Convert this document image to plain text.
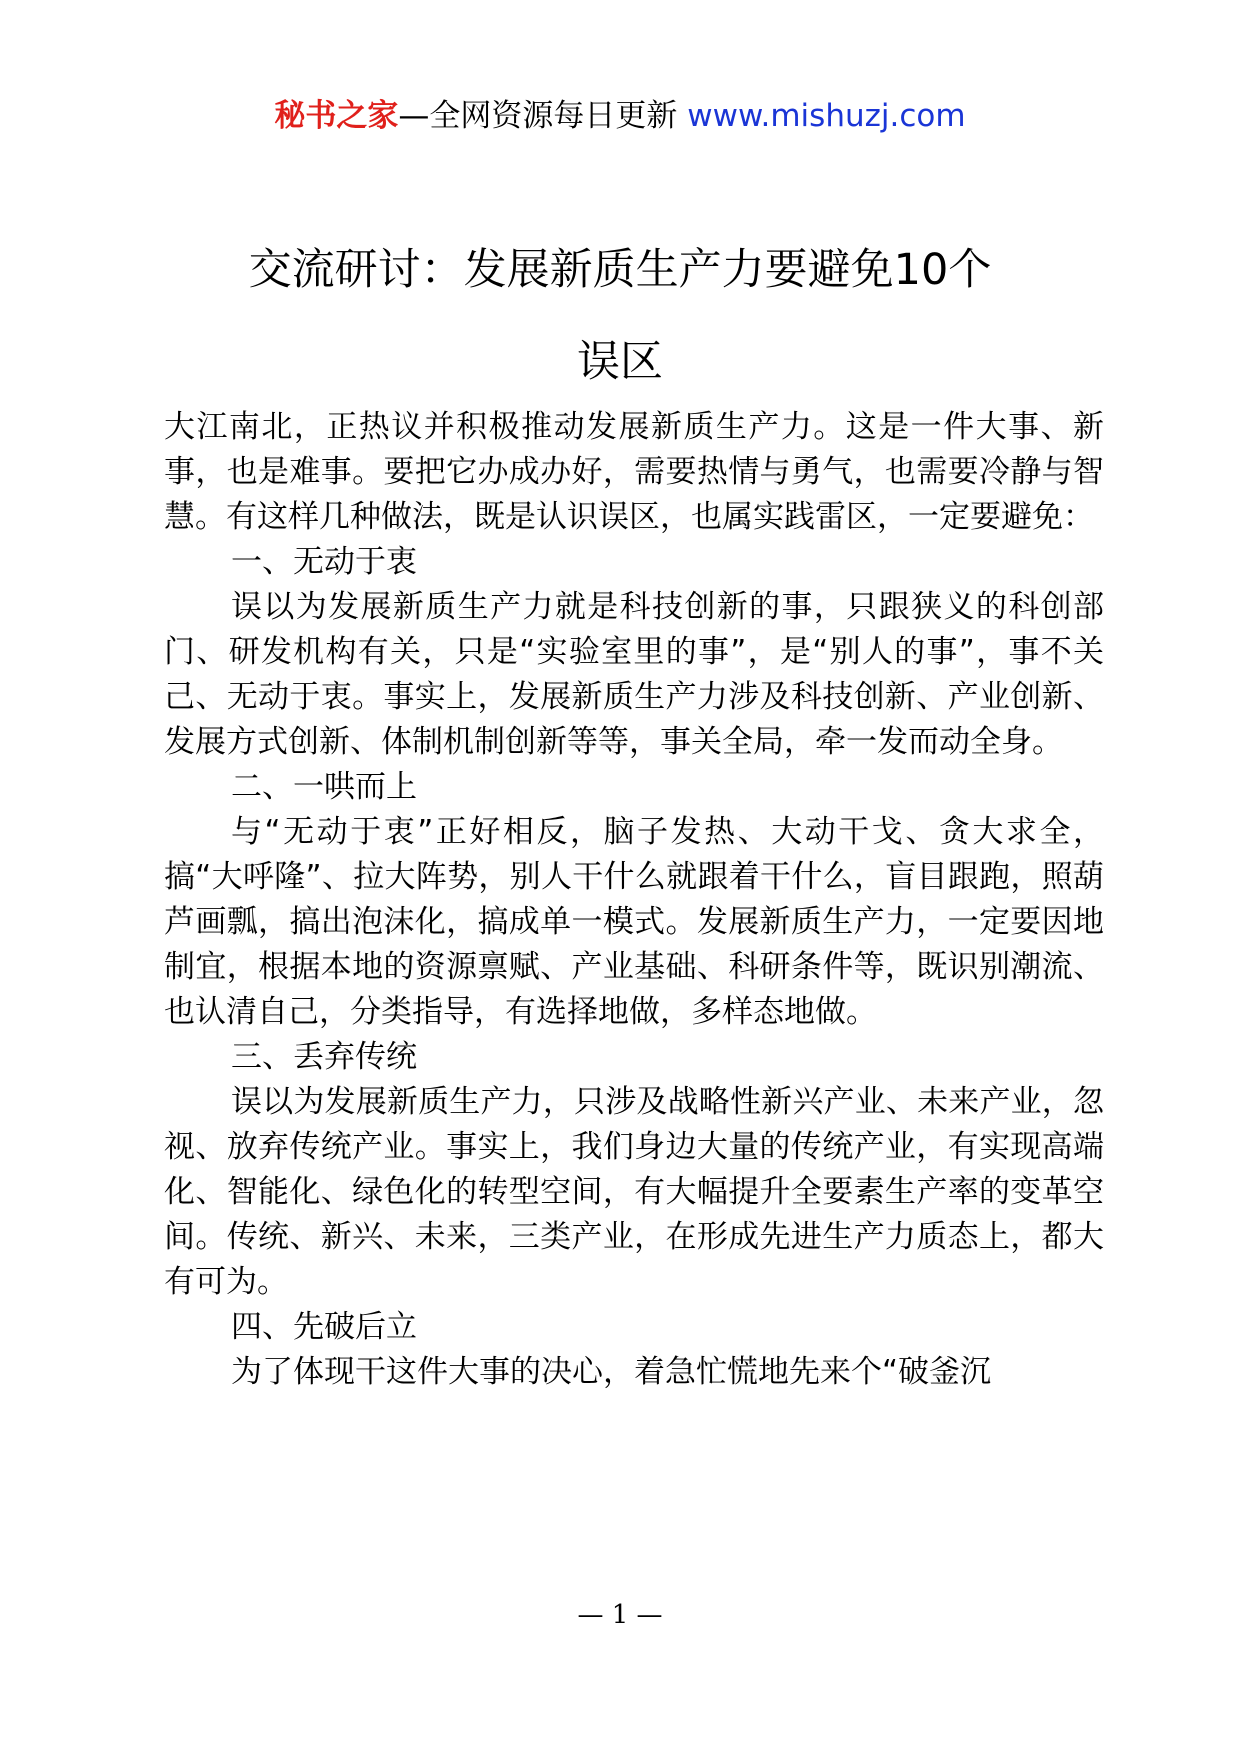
秘书之家—全网资源每日更新 www.mishuzj.com
交流研讨：发展新质生产力要避免10个
误区

大江南北，正热议并积极推动发展新质生产力。这是一件大事、新事，也是难事。要把它办成办好，需要热情与勇气，也需要冷静与智慧。有这样几种做法，既是认识误区，也属实践雷区，一定要避免：

一、无动于衷

误以为发展新质生产力就是科技创新的事，只跟狭义的科创部门、研发机构有关，只是“实验室里的事”，是“别人的事”，事不关己、无动于衷。事实上，发展新质生产力涉及科技创新、产业创新、发展方式创新、体制机制创新等等，事关全局，牵一发而动全身。

二、一哄而上

与“无动于衷”正好相反，脑子发热、大动干戈、贪大求全，搞“大呼隆”、拉大阵势，别人干什么就跟着干什么，盲目跟跑，照葫芦画瓢，搞出泡沫化，搞成单一模式。发展新质生产力，一定要因地制宜，根据本地的资源禀赋、产业基础、科研条件等，既识别潮流、也认清自己，分类指导，有选择地做，多样态地做。

三、丢弃传统

误以为发展新质生产力，只涉及战略性新兴产业、未来产业，忽视、放弃传统产业。事实上，我们身边大量的传统产业，有实现高端化、智能化、绿色化的转型空间，有大幅提升全要素生产率的变革空间。传统、新兴、未来，三类产业，在形成先进生产力质态上，都大有可为。

四、先破后立

为了体现干这件大事的决心，着急忙慌地先来个“破釜沉

— 1 —
